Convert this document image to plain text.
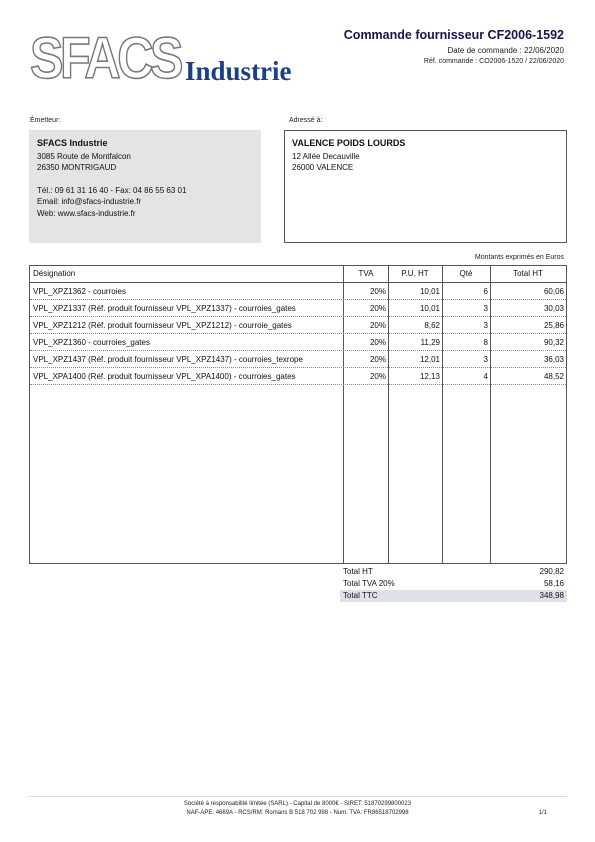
SFACS Industrie
Commande fournisseur CF2006-1592
Date de commande : 22/06/2020
Réf. commande : CO2006-1520 / 22/06/2020
Émetteur:	Adressé à:
SFACS Industrie
3085 Route de Montfalcon
26350 MONTRIGAUD
Tél.: 09 61 31 16 40 - Fax: 04 86 55 63 01
Email: info@sfacs-industrie.fr
Web: www.sfacs-industrie.fr
VALENCE POIDS LOURDS
12 Allée Decauville
26000 VALENCE
Montants exprimés en Euros
Désignation	TVA	P.U. HT	Qté	Total HT
VPL_XPZ1362 - courroies	20%	10,01	6	60,06
VPL_XPZ1337 (Réf. produit fournisseur VPL_XPZ1337) - courroies_gates	20%	10,01	3	30,03
VPL_XPZ1212 (Réf. produit fournisseur VPL_XPZ1212) - courroie_gates	20%	8,62	3	25,86
VPL_XPZ1360 - courroies_gates	20%	11,29	8	90,32
VPL_XPZ1437 (Réf. produit fournisseur VPL_XPZ1437) - courroies_texrope	20%	12,01	3	36,03
VPL_XPA1400 (Réf. produit fournisseur VPL_XPA1400) - courroies_gates	20%	12,13	4	48,52
Total HT	290,82
Total TVA 20%	58,16
Total TTC	348,98
Société à responsabilité limitée (SARL) - Capital de 8000€ - SIRET: 51870299800023
NAF-APE: 4669A - RCS/RM: Romans B 518 702 998 - Num. TVA: FR86518702998	1/1
